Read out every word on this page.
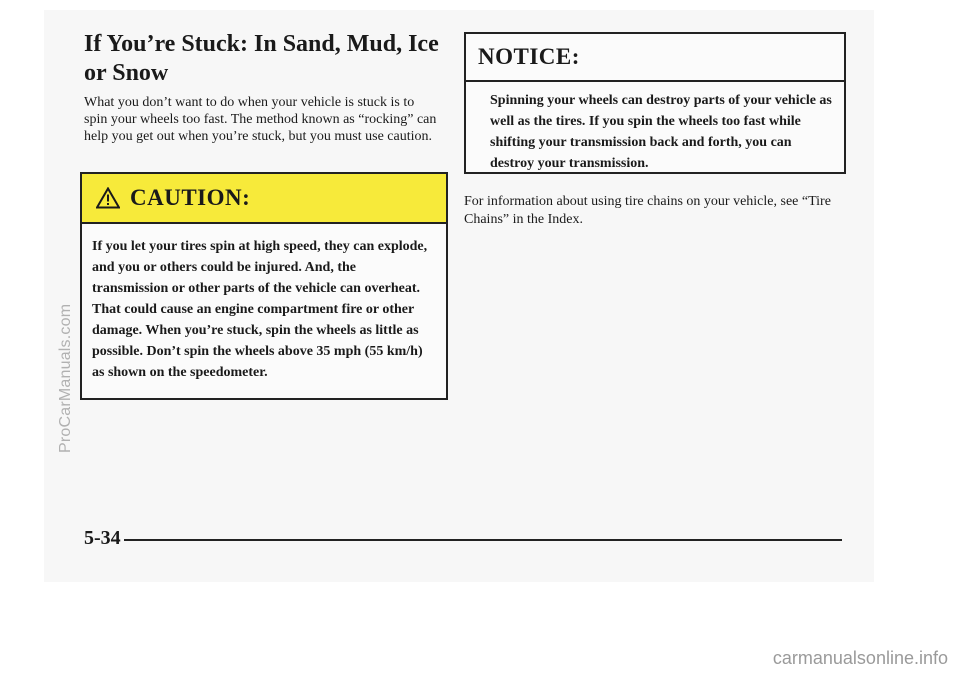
If You’re Stuck: In Sand, Mud, Ice or Snow

What you don’t want to do when your vehicle is stuck is to spin your wheels too fast. The method known as “rocking” can help you get out when you’re stuck, but you must use caution.

CAUTION:

If you let your tires spin at high speed, they can explode, and you or others could be injured. And, the transmission or other parts of the vehicle can overheat. That could cause an engine compartment fire or other damage. When you’re stuck, spin the wheels as little as possible. Don’t spin the wheels above 35 mph (55 km/h) as shown on the speedometer.

NOTICE:

Spinning your wheels can destroy parts of your vehicle as well as the tires. If you spin the wheels too fast while shifting your transmission back and forth, you can destroy your transmission.

For information about using tire chains on your vehicle, see “Tire Chains” in the Index.

5-34
ProCarManuals.com
carmanualsonline.info
